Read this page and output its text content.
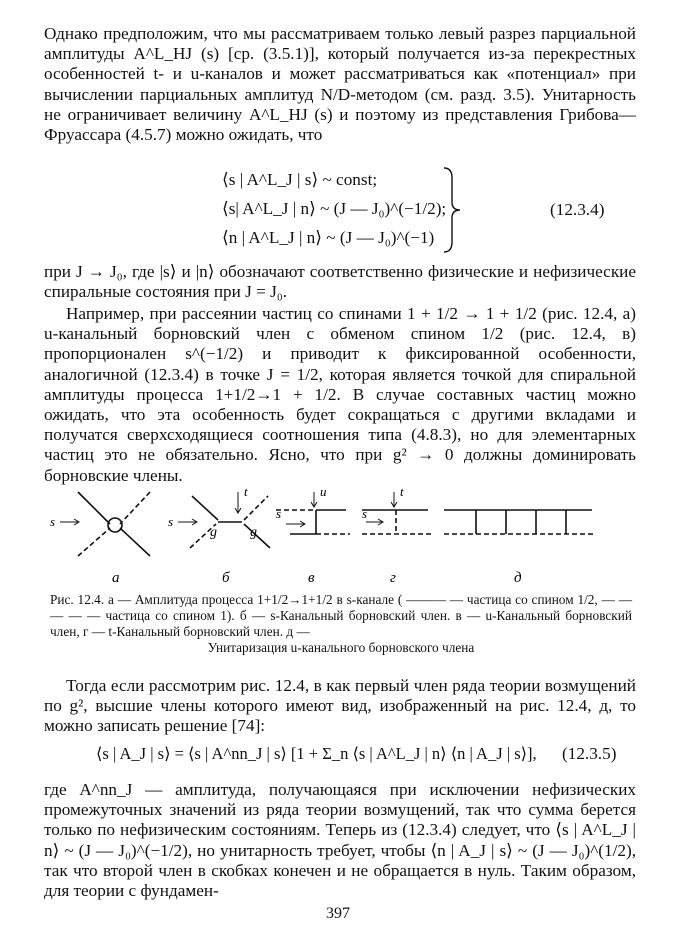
Однако предположим, что мы рассматриваем только левый разрез парциальной амплитуды A^L_HJ (s) [ср. (3.5.1)], который получается из-за перекрестных особенностей t- и u-каналов и может рассматриваться как «потенциал» при вычислении парциальных амплитуд N/D-методом (см. разд. 3.5). Унитарность не ограничивает величину A^L_HJ (s) и поэтому из представления Грибова—Фруассара (4.5.7) можно ожидать, что

⟨s | A^L_J | s⟩ ~ const;
⟨s| A^L_J | n⟩ ~ (J — J₀)^(−1/2);
⟨n | A^L_J | n⟩ ~ (J — J₀)^(−1)
(12.3.4)

при J → J₀, где |s⟩ и |n⟩ обозначают соответственно физические и нефизические спиральные состояния при J = J₀.

Например, при рассеянии частиц со спинами 1 + 1/2 → 1 + 1/2 (рис. 12.4, а) u-канальный борновский член с обменом спином 1/2 (рис. 12.4, в) пропорционален s^(−1/2) и приводит к фиксированной особенности, аналогичной (12.3.4) в точке J = 1/2, которая является точкой для спиральной амплитуды процесса 1+1/2→1 + 1/2. В случае составных частиц можно ожидать, что эта особенность будет сокращаться с другими вкладами и получатся сверхсходящиеся соотношения типа (4.8.3), но для элементарных частиц это не обязательно. Ясно, что при g² → 0 должны доминировать борновские члены.

s	s
t
g g
s
u
s
t
а	б	в	г	д

Рис. 12.4. а — Амплитуда процесса 1+1/2→1+1/2 в s-канале ( ——— — частица со спином 1/2, — — — — — частица со спином 1). б — s-Канальный борновский член. в — u-Канальный борновский член, г — t-Канальный борновский член. д —

Унитаризация u-канального борновского члена

Тогда если рассмотрим рис. 12.4, в как первый член ряда теории возмущений по g², высшие члены которого имеют вид, изображенный на рис. 12.4, д, то можно записать решение [74]:

⟨s | A_J | s⟩ = ⟨s | A^nn_J | s⟩ [1 + Σ_n ⟨s | A^L_J | n⟩ ⟨n | A_J | s⟩], (12.3.5)

где A^nn_J — амплитуда, получающаяся при исключении нефизических промежуточных значений из ряда теории возмущений, так что сумма берется только по нефизическим состояниям. Теперь из (12.3.4) следует, что ⟨s | A^L_J | n⟩ ~ (J — J₀)^(−1/2), но унитарность требует, чтобы ⟨n | A_J | s⟩ ~ (J — J₀)^(1/2), так что второй член в скобках конечен и не обращается в нуль. Таким образом, для теории с фундамен-

397
